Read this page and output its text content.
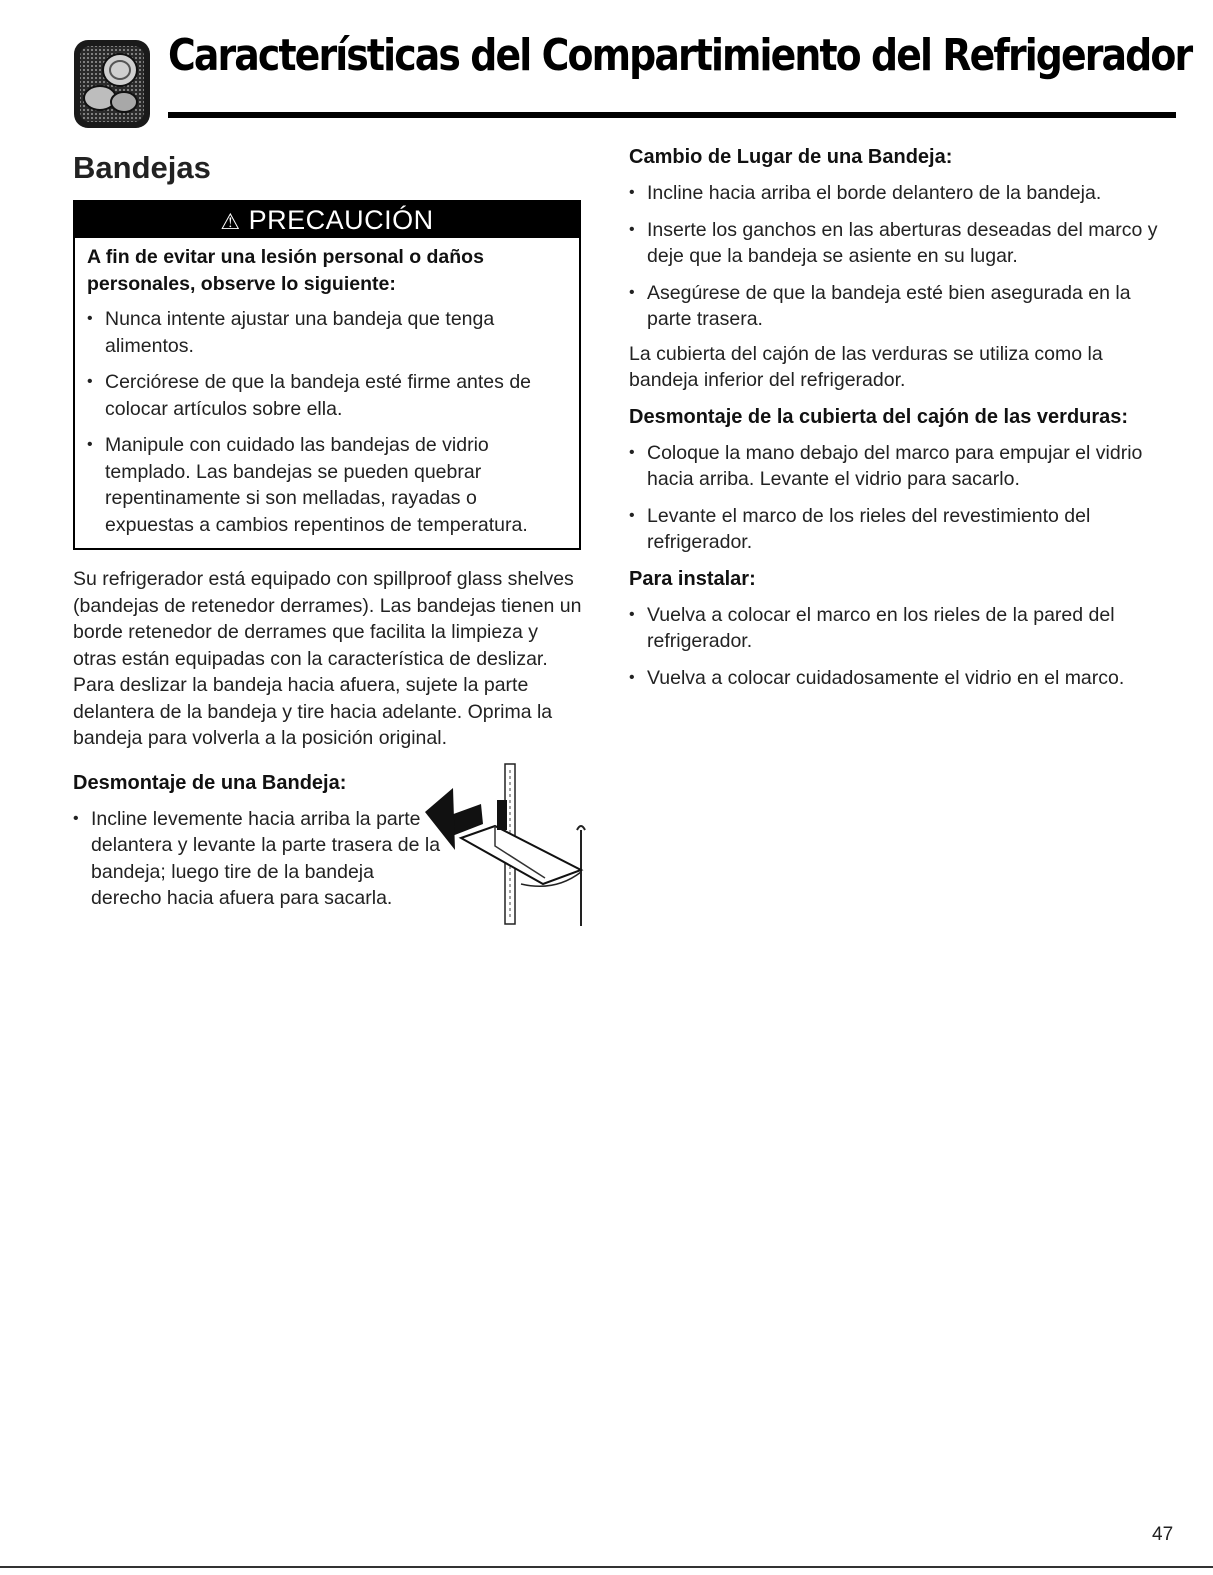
Características del Compartimiento del Refrigerador
Bandejas
⚠ PRECAUCIÓN

A fin de evitar una lesión personal o daños personales, observe lo siguiente:

• Nunca intente ajustar una bandeja que tenga alimentos.
• Cerciórese de que la bandeja esté firme antes de colocar artículos sobre ella.
• Manipule con cuidado las bandejas de vidrio templado. Las bandejas se pueden quebrar repentinamente si son melladas, rayadas o expuestas a cambios repentinos de temperatura.

Su refrigerador está equipado con spillproof glass shelves (bandejas de retenedor derrames). Las bandejas tienen un borde retenedor de derrames que facilita la limpieza y otras están equipadas con la característica de deslizar. Para deslizar la bandeja hacia afuera, sujete la parte delantera de la bandeja y tire hacia adelante. Oprima la bandeja para volverla a la posición original.

Desmontaje de una Bandeja:
• Incline levemente hacia arriba la parte delantera y levante la parte trasera de la bandeja; luego tire de la bandeja derecho hacia afuera para sacarla.
Cambio de Lugar de una Bandeja:
• Incline hacia arriba el borde delantero de la bandeja.
• Inserte los ganchos en las aberturas deseadas del marco y deje que la bandeja se asiente en su lugar.
• Asegúrese de que la bandeja esté bien asegurada en la parte trasera.

La cubierta del cajón de las verduras se utiliza como la bandeja inferior del refrigerador.

Desmontaje de la cubierta del cajón de las verduras:
• Coloque la mano debajo del marco para empujar el vidrio hacia arriba. Levante el vidrio para sacarlo.
• Levante el marco de los rieles del revestimiento del refrigerador.
Para instalar:
• Vuelva a colocar el marco en los rieles de la pared del refrigerador.
• Vuelva a colocar cuidadosamente el vidrio en el marco.
47
